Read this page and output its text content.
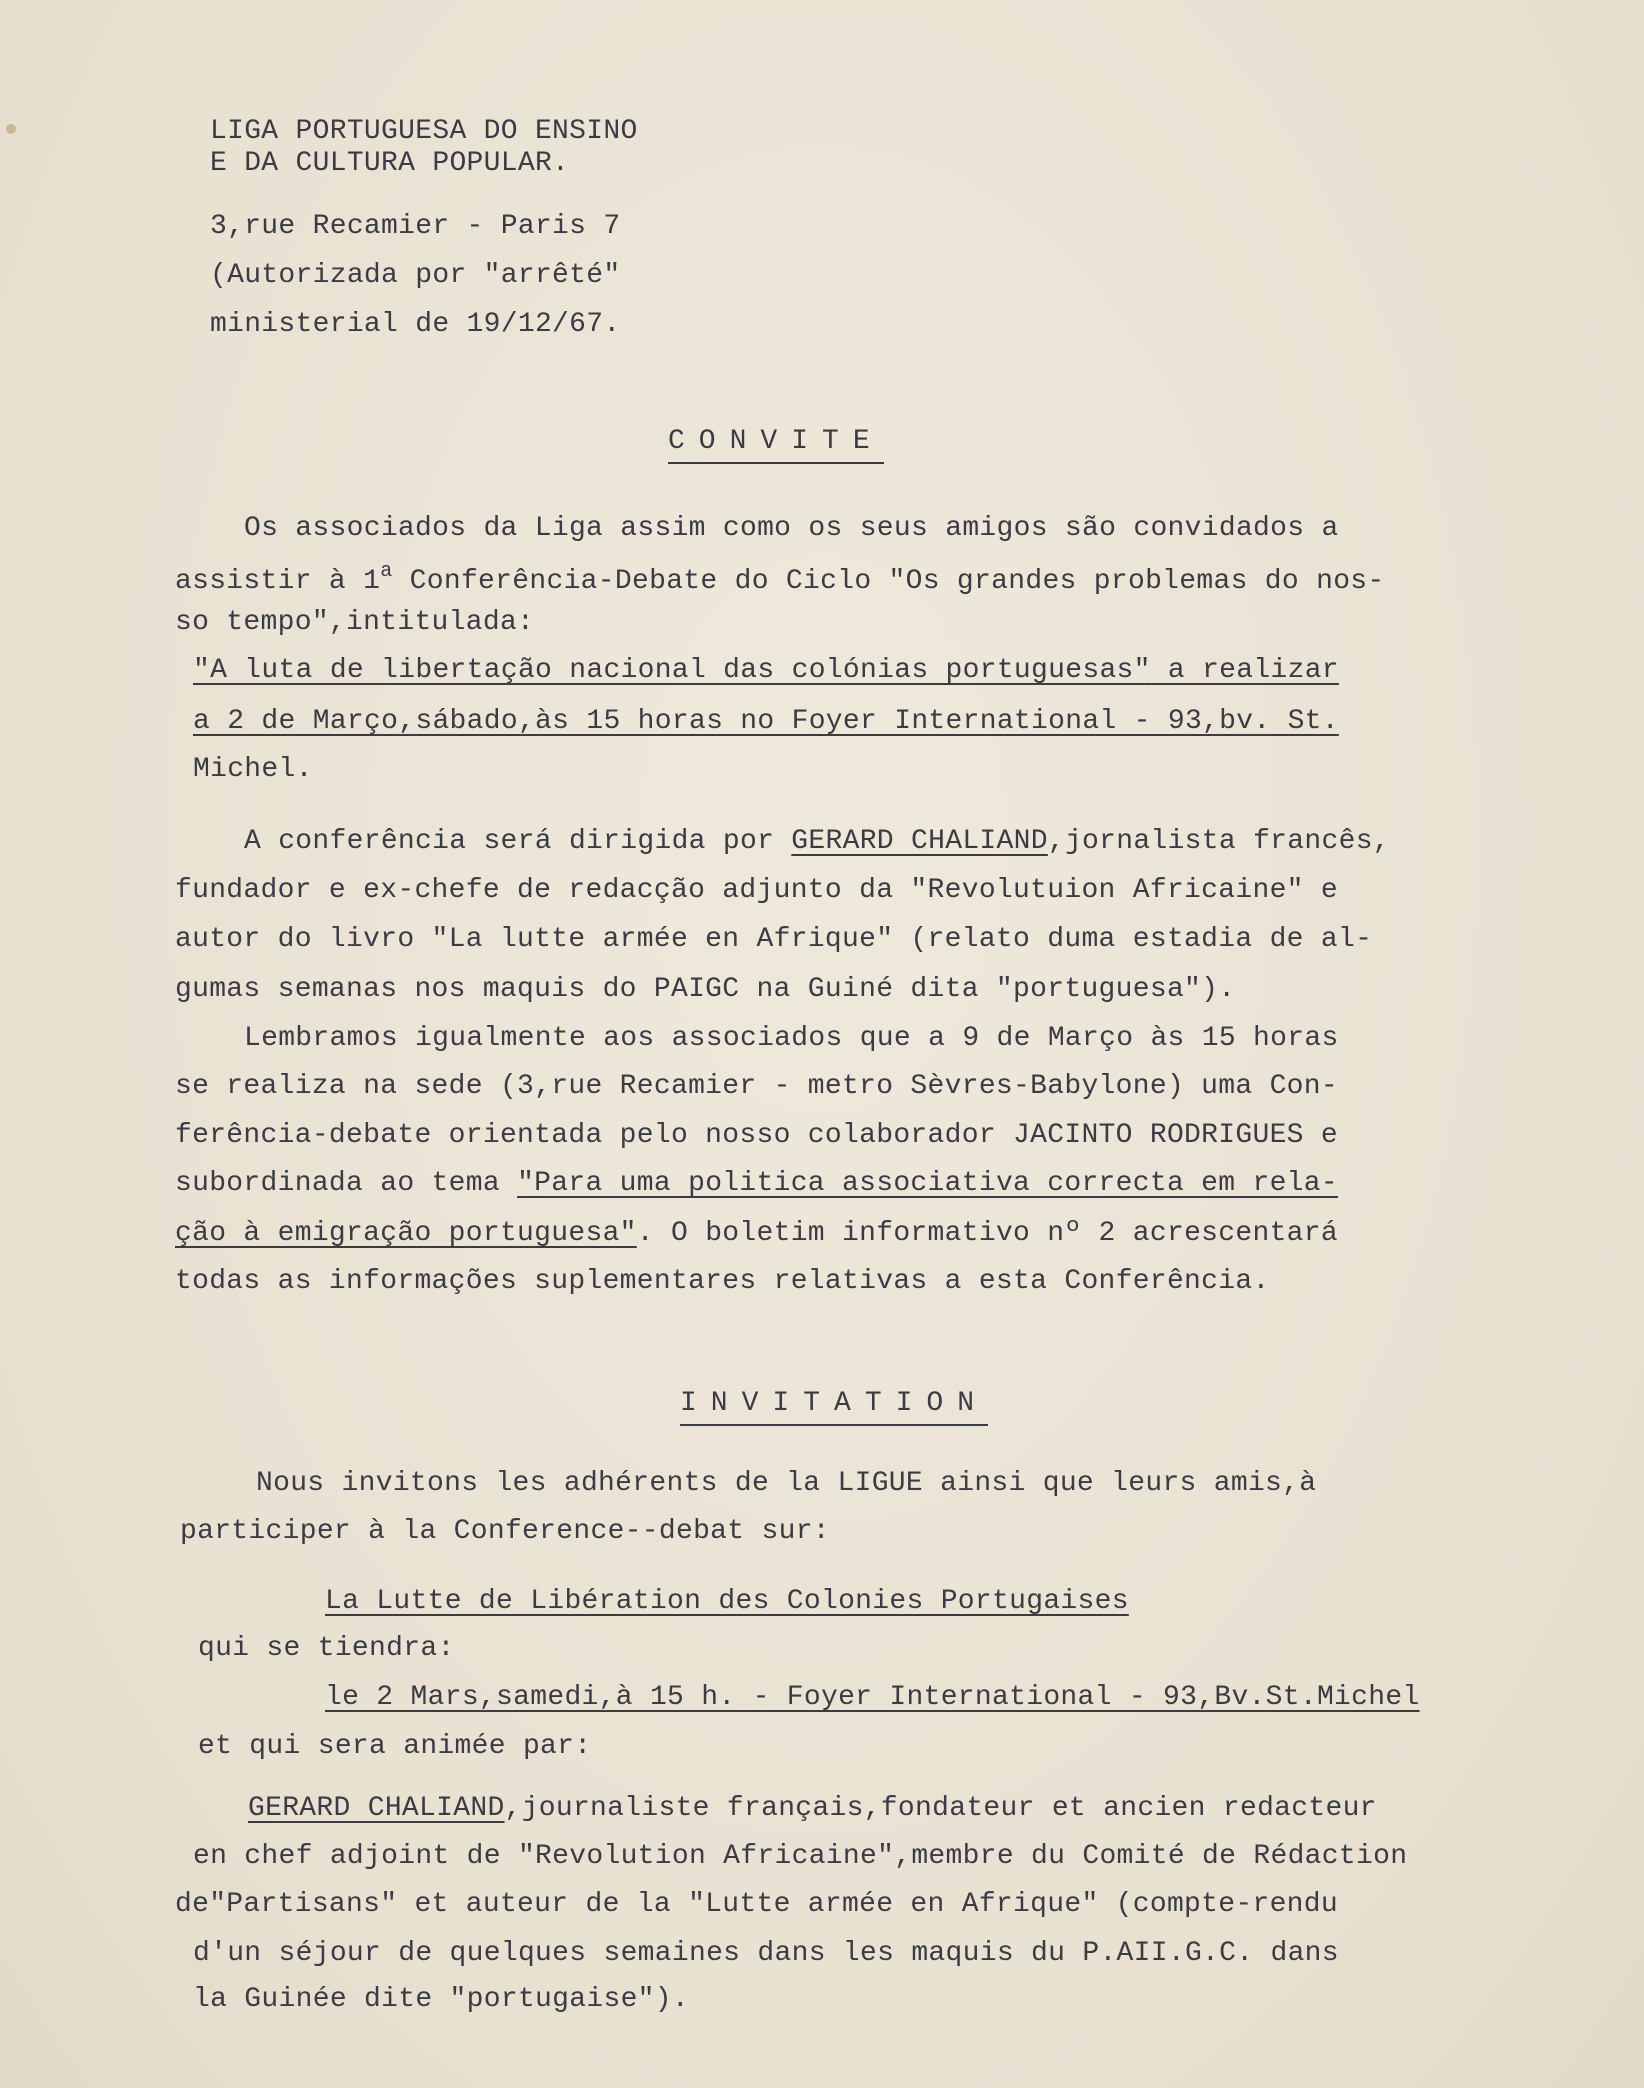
LIGA PORTUGUESA DO ENSINO
E DA CULTURA POPULAR.
3,rue Recamier - Paris 7
(Autorizada por "arrêté"
ministerial de 19/12/67.
CONVITE
Os associados da Liga assim como os seus amigos são convidados a
assistir à 1$^a$ Conferência-Debate do Ciclo "Os grandes problemas do nos-
so tempo",intitulada:
"A luta de libertação nacional das colónias portuguesas" a realizar
a 2 de Março,sábado,às 15 horas no Foyer International - 93,bv. St.
Michel.
A conferência será dirigida por GERARD CHALIAND,jornalista francês,
fundador e ex-chefe de redacção adjunto da "Revolutuion Africaine" e
autor do livro "La lutte armée en Afrique" (relato duma estadia de al-
gumas semanas nos maquis do PAIGC na Guiné dita "portuguesa").
Lembramos igualmente aos associados que a 9 de Março às 15 horas
se realiza na sede (3,rue Recamier - metro Sèvres-Babylone) uma Con-
ferência-debate orientada pelo nosso colaborador JACINTO RODRIGUES e
subordinada ao tema "Para uma politica associativa correcta em rela-
ção à emigração portuguesa". O boletim informativo nº 2 acrescentará
todas as informações suplementares relativas a esta Conferência.
INVITATION
Nous invitons les adhérents de la LIGUE ainsi que leurs amis,à
participer à la Conference--debat sur:
La Lutte de Libération des Colonies Portugaises
qui se tiendra:
le 2 Mars,samedi,à 15 h. - Foyer International - 93,Bv.St.Michel
et qui sera animée par:
GERARD CHALIAND,journaliste français,fondateur et ancien redacteur
en chef adjoint de "Revolution Africaine",membre du Comité de Rédaction
de"Partisans" et auteur de la "Lutte armée en Afrique" (compte-rendu
d'un séjour de quelques semaines dans les maquis du P.AII.G.C. dans
la Guinée dite "portugaise").
